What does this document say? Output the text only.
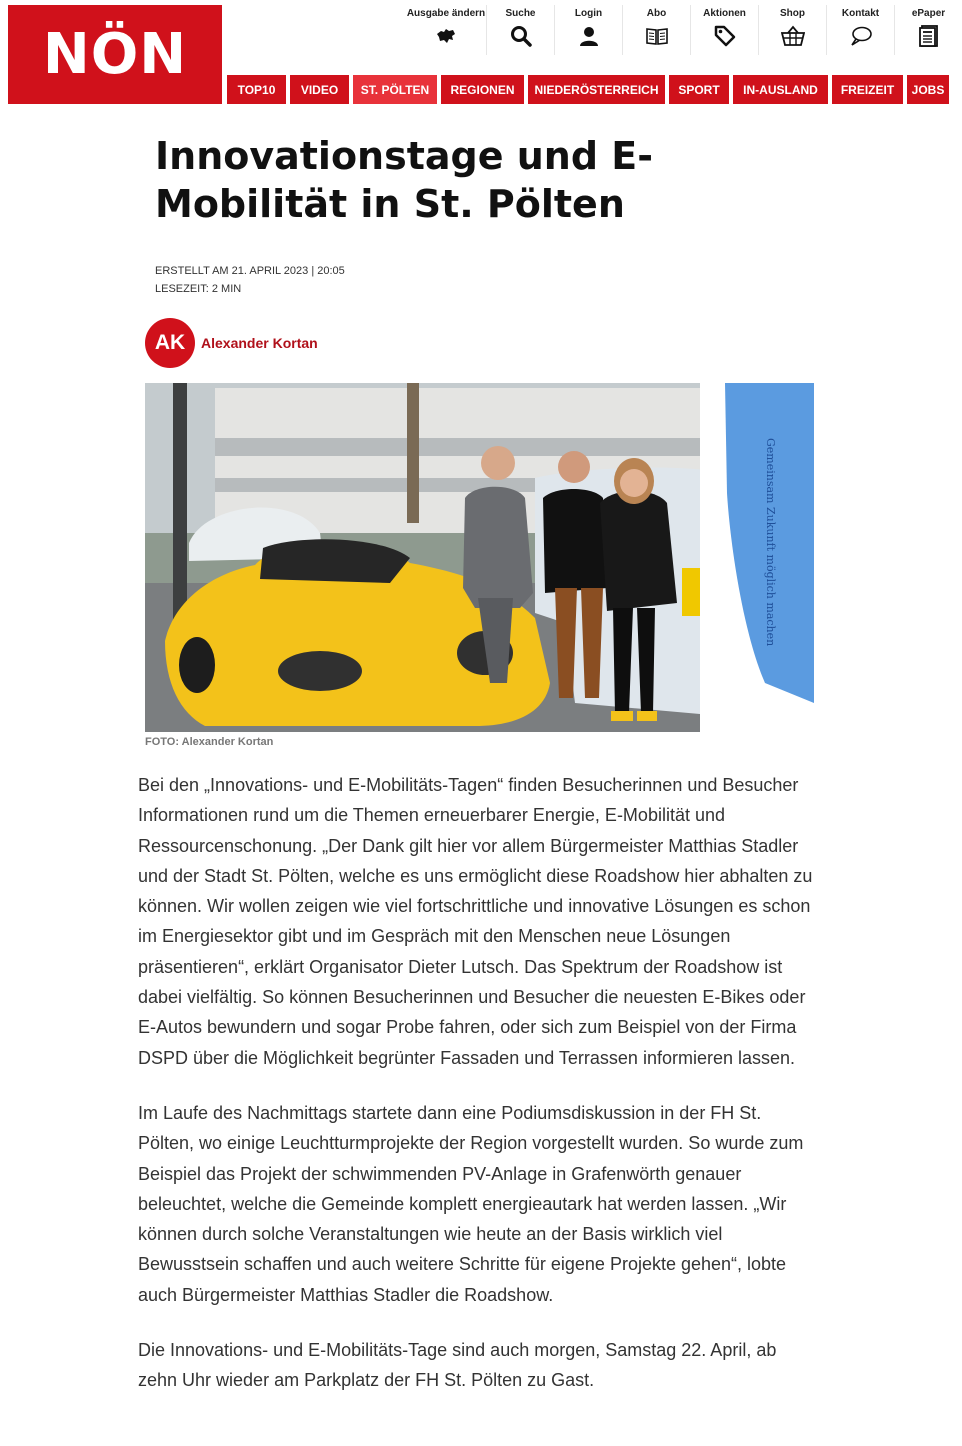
NÖN
Ausgabe ändern Suche	Login	Abo	Aktionen	Shop	Kontakt	ePaper
TOP10	VIDEO	ST. PÖLTEN	REGIONEN	NIEDERÖSTERREICH	SPORT	IN-AUSLAND	FREIZEIT	JOBS
Innovationstage und E-Mobilität in St. Pölten
ERSTELLT AM 21. APRIL 2023 | 20:05
LESEZEIT: 2 MIN
AK	Alexander Kortan
Gemeinsam Zukunft möglich machen
FOTO: Alexander Kortan

Bei den „Innovations- und E-Mobilitäts-Tagen“ finden Besucherinnen und Besucher Informationen rund um die Themen erneuerbarer Energie, E-Mobilität und Ressourcenschonung. „Der Dank gilt hier vor allem Bürgermeister Matthias Stadler und der Stadt St. Pölten, welche es uns ermöglicht diese Roadshow hier abhalten zu können. Wir wollen zeigen wie viel fortschrittliche und innovative Lösungen es schon im Energiesektor gibt und im Gespräch mit den Menschen neue Lösungen präsentieren“, erklärt Organisator Dieter Lutsch. Das Spektrum der Roadshow ist dabei vielfältig. So können Besucherinnen und Besucher die neuesten E-Bikes oder E-Autos bewundern und sogar Probe fahren, oder sich zum Beispiel von der Firma DSPD über die Möglichkeit begrünter Fassaden und Terrassen informieren lassen.

Im Laufe des Nachmittags startete dann eine Podiumsdiskussion in der FH St. Pölten, wo einige Leuchtturmprojekte der Region vorgestellt wurden. So wurde zum Beispiel das Projekt der schwimmenden PV-Anlage in Grafenwörth genauer beleuchtet, welche die Gemeinde komplett energieautark hat werden lassen. „Wir können durch solche Veranstaltungen wie heute an der Basis wirklich viel Bewusstsein schaffen und auch weitere Schritte für eigene Projekte gehen“, lobte auch Bürgermeister Matthias Stadler die Roadshow.

Die Innovations- und E-Mobilitäts-Tage sind auch morgen, Samstag 22. April, ab zehn Uhr wieder am Parkplatz der FH St. Pölten zu Gast.
